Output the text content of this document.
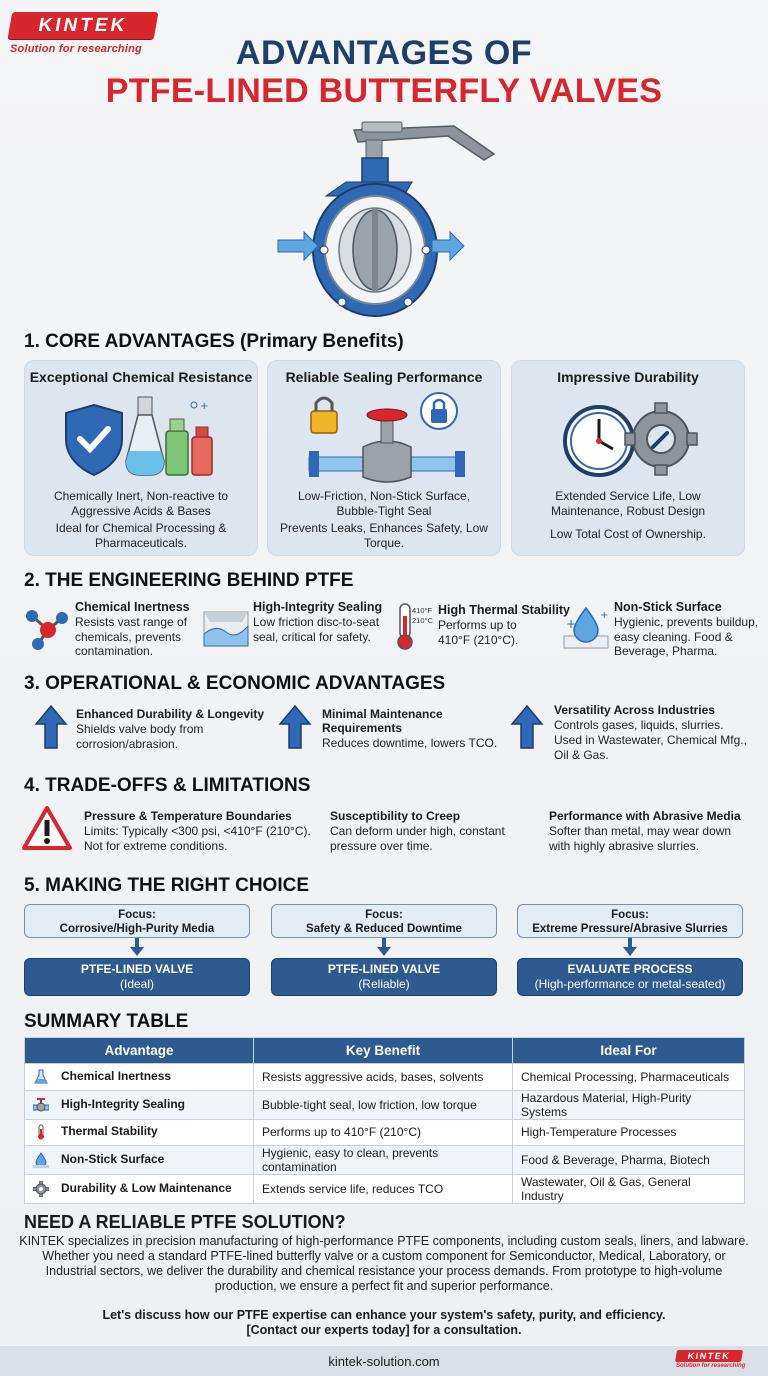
KINTEK
Solution for researching	ADVANTAGES OF
PTFE-LINED BUTTERFLY VALVES
1. CORE ADVANTAGES (Primary Benefits)
Exceptional Chemical Resistance
+
Chemically Inert, Non-reactive to Aggressive Acids & Bases
Ideal for Chemical Processing & Pharmaceuticals.
Reliable Sealing Performance
Low-Friction, Non-Stick Surface, Bubble-Tight Seal
Prevents Leaks, Enhances Safety, Low Torque.
Impressive Durability
Extended Service Life, Low Maintenance, Robust Design
Low Total Cost of Ownership.
2. THE ENGINEERING BEHIND PTFE
Chemical Inertness
Resists vast range of chemicals, prevents contamination.
High-Integrity Sealing
Low friction disc-to-seat seal, critical for safety.
410°F
210°C
High Thermal Stability
Performs up to 410°F (210°C).
+
+
Non-Stick Surface
Hygienic, prevents buildup, easy cleaning. Food & Beverage, Pharma.
3. OPERATIONAL & ECONOMIC ADVANTAGES
Enhanced Durability & Longevity
Shields valve body from corrosion/abrasion.
Minimal Maintenance Requirements
Reduces downtime, lowers TCO.
Versatility Across Industries
Controls gases, liquids, slurries. Used in Wastewater, Chemical Mfg., Oil & Gas.
4. TRADE-OFFS & LIMITATIONS
Pressure & Temperature Boundaries
Limits: Typically <300 psi, <410°F (210°C). Not for extreme conditions.
Susceptibility to Creep
Can deform under high, constant pressure over time.
Performance with Abrasive Media
Softer than metal, may wear down with highly abrasive slurries.
5. MAKING THE RIGHT CHOICE
Focus:
Corrosive/High-Purity Media
Focus:
Safety & Reduced Downtime
Focus:
Extreme Pressure/Abrasive Slurries
PTFE-LINED VALVE
(Ideal)
PTFE-LINED VALVE
(Reliable)
EVALUATE PROCESS
(High-performance or metal-seated)
SUMMARY TABLE
Advantage	Key Benefit	Ideal For
Chemical Inertness	Resists aggressive acids, bases, solvents	Chemical Processing, Pharmaceuticals
High-Integrity Sealing	Bubble-tight seal, low friction, low torque	Hazardous Material, High-Purity Systems
Thermal Stability	Performs up to 410°F (210°C)	High-Temperature Processes
Non-Stick Surface	Hygienic, easy to clean, prevents contamination	Food & Beverage, Pharma, Biotech
Durability & Low Maintenance	Extends service life, reduces TCO	Wastewater, Oil & Gas, General Industry
NEED A RELIABLE PTFE SOLUTION?
KINTEK specializes in precision manufacturing of high-performance PTFE components, including custom seals, liners, and labware. Whether you need a standard PTFE-lined butterfly valve or a custom component for Semiconductor, Medical, Laboratory, or Industrial sectors, we deliver the durability and chemical resistance your process demands. From prototype to high-volume production, we ensure a perfect fit and superior performance.
Let's discuss how our PTFE expertise can enhance your system's safety, purity, and efficiency.
[Contact our experts today] for a consultation.
kintek-solution.com	KINTEK
Solution for researching
